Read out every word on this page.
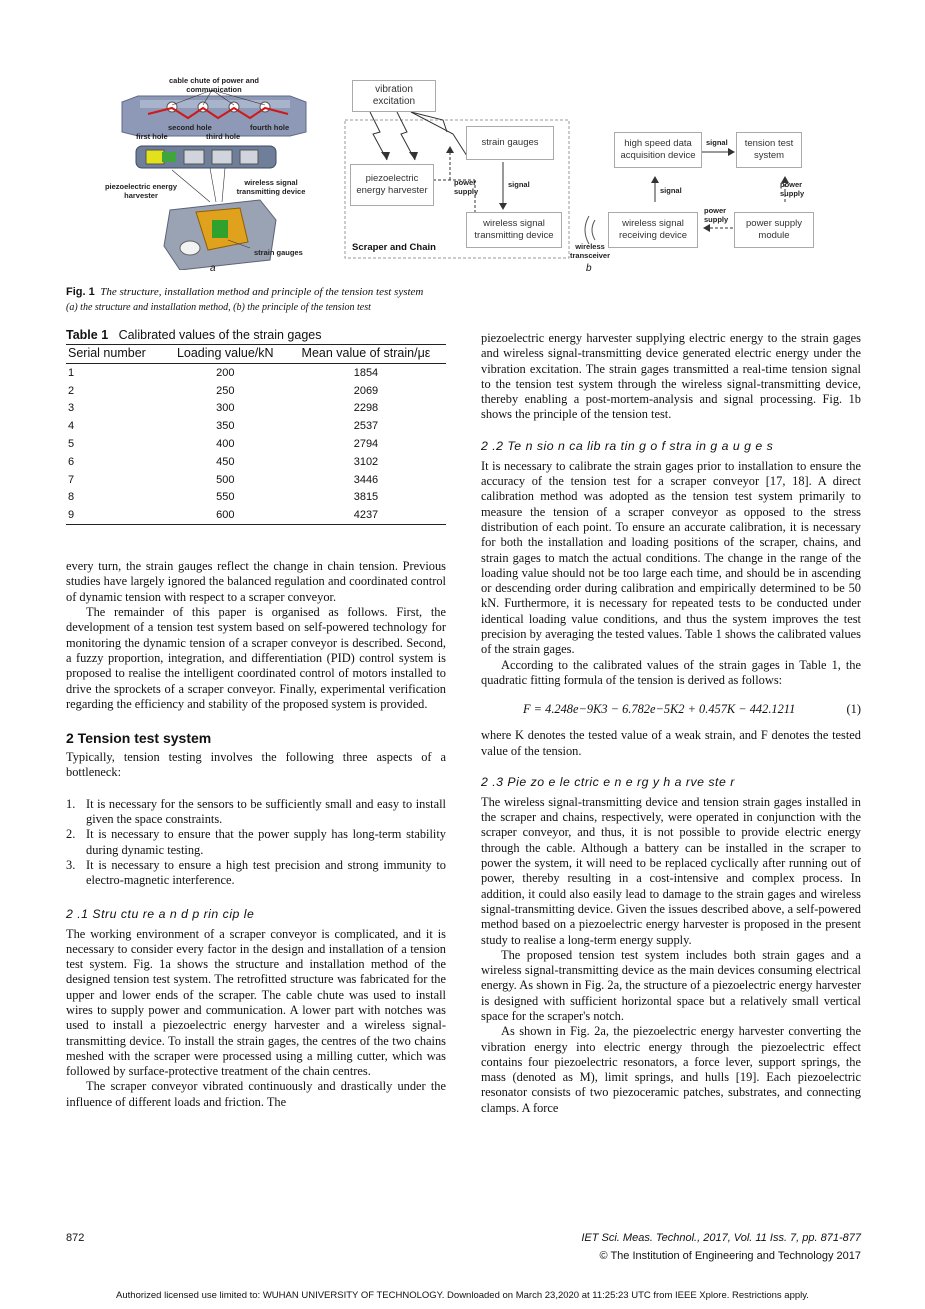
cable chute of power and communication
second hole
first hole	third hole
fourth hole
piezoelectric energy harvester
wireless signal transmitting device
strain gauges
a
vibration excitation
strain gauges
piezoelectric energy harvester
power supply
signal
wireless signal transmitting device
Scraper and Chain	wireless transceiver
wireless signal receiving device
high speed data acquisition device
signal	tension test system
signal
power supply
power supply	power supply module
b
Fig. 1 The structure, installation method and principle of the tension test system
(a) the structure and installation method, (b) the principle of the tension test
Table 1 Calibrated values of the strain gages
Serial number	Loading value/kN	Mean value of strain/με
1	200	1854
2	250	2069
3	300	2298
4	350	2537
5	400	2794
6	450	3102
7	500	3446
8	550	3815
9	600	4237

every turn, the strain gauges reflect the change in chain tension. Previous studies have largely ignored the balanced regulation and coordinated control of dynamic tension with respect to a scraper conveyor.

The remainder of this paper is organised as follows. First, the development of a tension test system based on self-powered technology for monitoring the dynamic tension of a scraper conveyor is described. Second, a fuzzy proportion, integration, and differentiation (PID) control system is proposed to realise the intelligent coordinated control of motors installed to drive the sprockets of a scraper conveyor. Finally, experimental verification regarding the efficiency and stability of the proposed system is provided.

2 Tension test system

Typically, tension testing involves the following three aspects of a bottleneck:

1. It is necessary for the sensors to be sufficiently small and easy to install given the space constraints.
2. It is necessary to ensure that the power supply has long-term stability during dynamic testing.
3. It is necessary to ensure a high test precision and strong immunity to electro-magnetic interference.
2 .1 Stru ctu re a n d p rin cip le

The working environment of a scraper conveyor is complicated, and it is necessary to consider every factor in the design and installation of a tension test system. Fig. 1a shows the structure and installation method of the designed tension test system. The retrofitted structure was fabricated for the upper and lower ends of the scraper. The cable chute was used to install wires to supply power and communication. A lower part with notches was used to install a piezoelectric energy harvester and a wireless signal-transmitting device. To install the strain gages, the centres of the two chains meshed with the scraper were processed using a milling cutter, which was followed by surface-protective treatment of the chain centres.

The scraper conveyor vibrated continuously and drastically under the influence of different loads and friction. The

piezoelectric energy harvester supplying electric energy to the strain gages and wireless signal-transmitting device generated electric energy under the vibration excitation. The strain gages transmitted a real-time tension signal to the tension test system through the wireless signal-transmitting device, thereby enabling a post-mortem-analysis and signal processing. Fig. 1b shows the principle of the tension test.

2 .2 Te n sio n ca lib ra tin g o f stra in g a u g e s

It is necessary to calibrate the strain gages prior to installation to ensure the accuracy of the tension test for a scraper conveyor [17, 18]. A direct calibration method was adopted as the tension test system primarily to measure the tension of a scraper conveyor as opposed to the stress distribution of each point. To ensure an accurate calibration, it is necessary for both the installation and loading positions of the scraper, chains, and strain gages to match the actual conditions. The change in the range of the loading value should not be too large each time, and should be in ascending or descending order during calibration and empirically determined to be 50 kN. Furthermore, it is necessary for repeated tests to be conducted under identical loading value conditions, and thus the system improves the test precision by averaging the tested values. Table 1 shows the calibrated values of the strain gages.

According to the calibrated values of the strain gages in Table 1, the quadratic fitting formula of the tension is derived as follows:

F = 4.248e−9K3 − 6.782e−5K2 + 0.457K − 442.1211	(1)

where K denotes the tested value of a weak strain, and F denotes the tested value of the tension.

2 .3 Pie zo e le ctric e n e rg y h a rve ste r

The wireless signal-transmitting device and tension strain gages installed in the scraper and chains, respectively, were operated in conjunction with the scraper conveyor, and thus, it is not possible to provide electric energy through the cable. Although a battery can be installed in the scraper to power the system, it will need to be replaced cyclically after running out of power, thereby resulting in a cost-intensive and complex process. In addition, it could also easily lead to damage to the strain gages and wireless signal-transmitting device. Given the issues described above, a self-powered method based on a piezoelectric energy harvester is proposed in the present study to realise a long-term energy supply.

The proposed tension test system includes both strain gages and a wireless signal-transmitting device as the main devices consuming electrical energy. As shown in Fig. 2a, the structure of a piezoelectric energy harvester is designed with sufficient horizontal space but a relatively small vertical space for the scraper's notch.

As shown in Fig. 2a, the piezoelectric energy harvester converting the vibration energy into electric energy through the piezoelectric effect contains four piezoelectric resonators, a force lever, support springs, the mass (denoted as M), limit springs, and hulls [19]. Each piezoelectric resonator consists of two piezoceramic patches, substrates, and connecting clamps. A force

872	IET Sci. Meas. Technol., 2017, Vol. 11 Iss. 7, pp. 871-877
© The Institution of Engineering and Technology 2017
Authorized licensed use limited to: WUHAN UNIVERSITY OF TECHNOLOGY. Downloaded on March 23,2020 at 11:25:23 UTC from IEEE Xplore. Restrictions apply.
